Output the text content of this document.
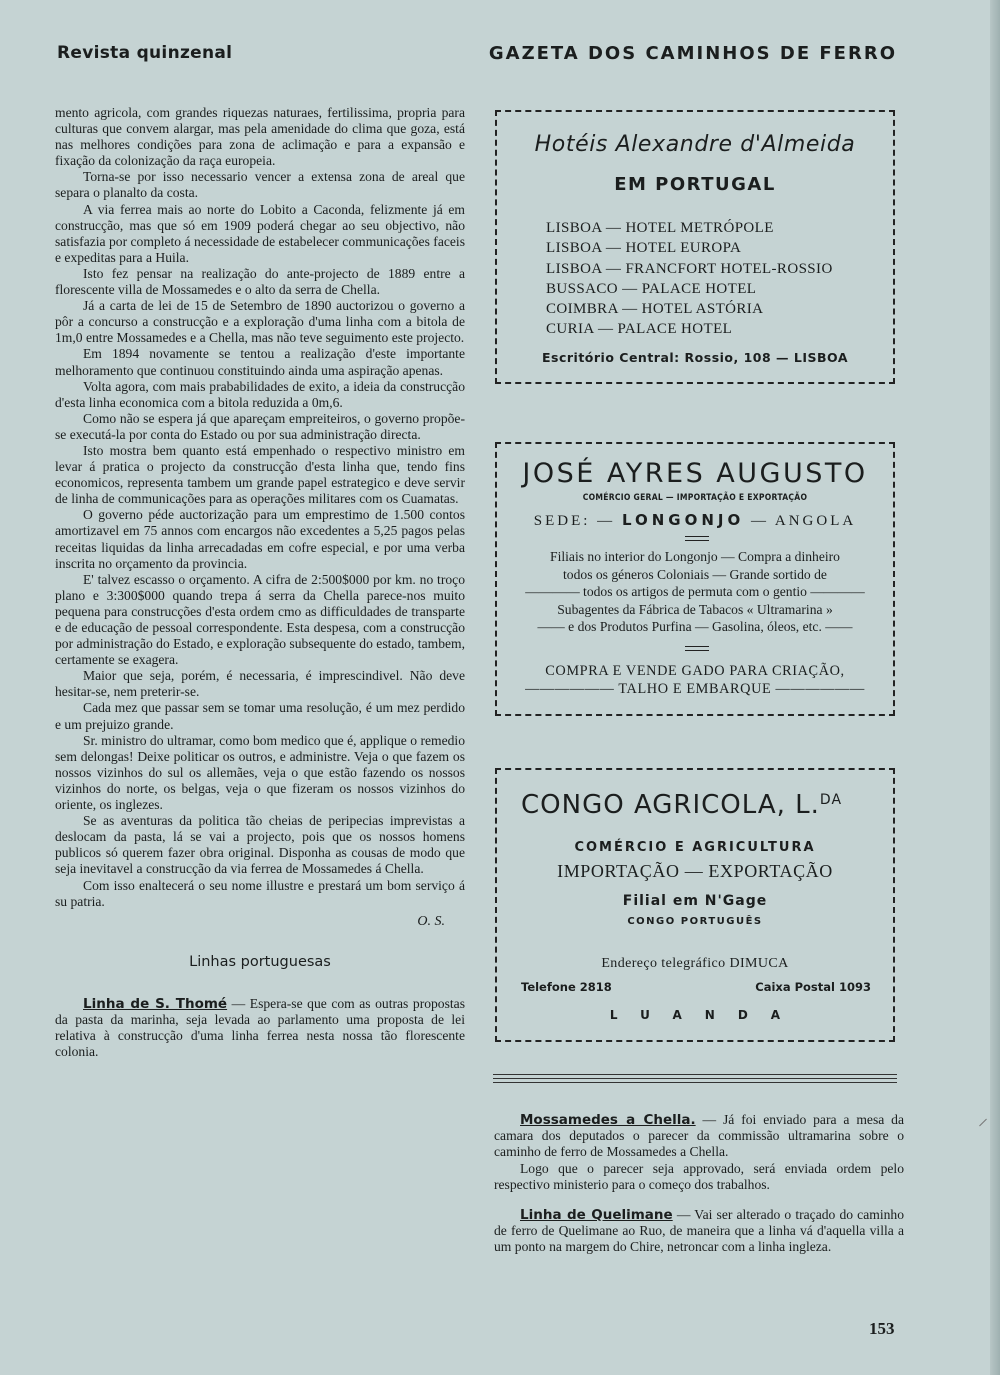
Revista quinzenal	GAZETA DOS CAMINHOS DE FERRO

mento agricola, com grandes riquezas naturaes, fertilissima, propria para culturas que convem alargar, mas pela amenidade do clima que goza, está nas melhores condições para zona de aclimação e para a expansão e fixação da colonização da raça europeia.

Torna-se por isso necessario vencer a extensa zona de areal que separa o planalto da costa.

A via ferrea mais ao norte do Lobito a Caconda, felizmente já em construcção, mas que só em 1909 poderá chegar ao seu objectivo, não satisfazia por completo á necessidade de estabelecer communicações faceis e expeditas para a Huila.

Isto fez pensar na realização do ante-projecto de 1889 entre a florescente villa de Mossamedes e o alto da serra de Chella.

Já a carta de lei de 15 de Setembro de 1890 auctorizou o governo a pôr a concurso a construcção e a exploração d'uma linha com a bitola de 1m,0 entre Mossamedes e a Chella, mas não teve seguimento este projecto.

Em 1894 novamente se tentou a realização d'este importante melhoramento que continuou constituindo ainda uma aspiração apenas.

Volta agora, com mais prababilidades de exito, a ideia da construcção d'esta linha economica com a bitola reduzida a 0m,6.

Como não se espera já que apareçam empreiteiros, o governo propõe-se executá-la por conta do Estado ou por sua administração directa.

Isto mostra bem quanto está empenhado o respectivo ministro em levar á pratica o projecto da construcção d'esta linha que, tendo fins economicos, representa tambem um grande papel estrategico e deve servir de linha de communicações para as operações militares com os Cuamatas.

O governo péde auctorização para um emprestimo de 1.500 contos amortizavel em 75 annos com encargos não excedentes a 5,25 pagos pelas receitas liquidas da linha arrecadadas em cofre especial, e por uma verba inscrita no orçamento da provincia.

E' talvez escasso o orçamento. A cifra de 2:500$000 por km. no troço plano e 3:300$000 quando trepa á serra da Chella parece-nos muito pequena para construcções d'esta ordem cmo as difficuldades de transparte e de educação de pessoal correspondente. Esta despesa, com a construcção por administração do Estado, e exploração subsequente do estado, tambem, certamente se exagera.

Maior que seja, porém, é necessaria, é imprescindivel. Não deve hesitar-se, nem preterir-se.

Cada mez que passar sem se tomar uma resolução, é um mez perdido e um prejuizo grande.

Sr. ministro do ultramar, como bom medico que é, applique o remedio sem delongas! Deixe politicar os outros, e administre. Veja o que fazem os nossos vizinhos do sul os allemães, veja o que estão fazendo os nossos vizinhos do norte, os belgas, veja o que fizeram os nossos vizinhos do oriente, os inglezes.

Se as aventuras da politica tão cheias de peripecias imprevistas a deslocam da pasta, lá se vai a projecto, pois que os nossos homens publicos só querem fazer obra original. Disponha as cousas de modo que seja inevitavel a construcção da via ferrea de Mossamedes á Chella.

Com isso enaltecerá o seu nome illustre e prestará um bom serviço á su patria.

O. S.
Linhas portuguesas

Linha de S. Thomé — Espera-se que com as outras propostas da pasta da marinha, seja levada ao parlamento uma proposta de lei relativa à construcção d'uma linha ferrea nesta nossa tão florescente colonia.

Hotéis Alexandre d'Almeida
EM PORTUGAL
LISBOA — HOTEL METRÓPOLE
LISBOA — HOTEL EUROPA
LISBOA — FRANCFORT HOTEL-ROSSIO
BUSSACO — PALACE HOTEL
COIMBRA — HOTEL ASTÓRIA
CURIA — PALACE HOTEL
Escritório Central: Rossio, 108 — LISBOA
JOSÉ AYRES AUGUSTO
COMÉRCIO GERAL — IMPORTAÇÃO E EXPORTAÇÃO
SEDE: — LONGONJO — ANGOLA
Filiais no interior do Longonjo — Compra a dinheiro
todos os géneros Coloniais — Grande sortido de
———— todos os artigos de permuta com o gentio ————
Subagentes da Fábrica de Tabacos « Ultramarina »
—— e dos Produtos Purfina — Gasolina, óleos, etc. ——
COMPRA E VENDE GADO PARA CRIAÇÃO,
—————— TALHO E EMBARQUE ——————
CONGO AGRICOLA, L.$^{DA}$
COMÉRCIO E AGRICULTURA
IMPORTAÇÃO — EXPORTAÇÃO
Filial em N'Gage
CONGO PORTUGUÊS
Endereço telegráfico DIMUCA
Telefone 2818	Caixa Postal 1093
LUANDA

Mossamedes a Chella. — Já foi enviado para a mesa da camara dos deputados o parecer da commissão ultramarina sobre o caminho de ferro de Mossamedes a Chella.

Logo que o parecer seja approvado, será enviada ordem pelo respectivo ministerio para o começo dos trabalhos.

Linha de Quelimane — Vai ser alterado o traçado do caminho de ferro de Quelimane ao Ruo, de maneira que a linha vá d'aquella villa a um ponto na margem do Chire, netroncar com a linha ingleza.

153
